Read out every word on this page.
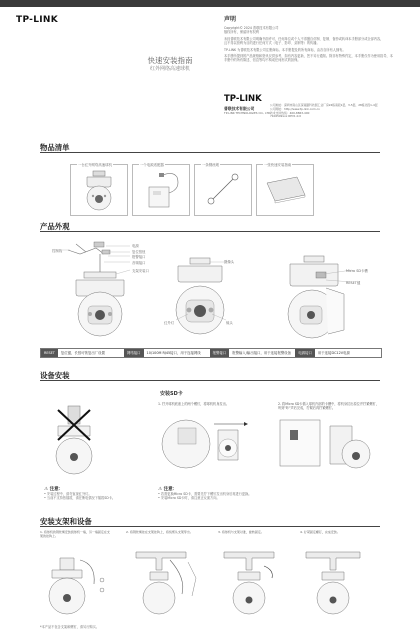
TP-LINK
快速安装指南
红外网络高速球机
声明
Copyright© 2024 普联技术有限公司
版权所有，保留所有权利
未经普联技术有限公司明确书面许可，任何单位或个人不得擅自仿制、复制、誊抄或转译本手册部分或全部内容，
且不得以营利为目的进行任何方式（电子、影印、录制等）的传播。
TP-LINK 为普联技术有限公司注册商标。本手册提及的所有商标，由各自所有人拥有。
本手册所提到的产品规格和资讯仅供参考，如有内容更新，恕不另行通知。除非有特殊约定，本手册仅作为使用指导，本
手册中的所有陈述、信息等均不构成任何形式的担保。
TP-LINK
普联技术有限公司
TP-LINK TECHNOLOGIES CO., LTD.
公司地址：深圳市南山区深南路科技园工业厂房24栋南段1层、3-5层、28栋北段1-4层
公司网址：http://www.tp-link.com.cn
技术支持热线：400-8863-400
7106509xxx REV1.0.0
物品清单
一台红外网络高速球机	一个电源适配器	一条钢丝绳	一张快速安装指南
产品外观
电源
复位按钮
报警接口
音频接口
支架安装口
控制线
摄像头
红外灯	镜头
Micro SD卡槽
RESET键
RESET	复位键，长按可恢复出厂设置	网络接口	10/100M RJ45接口，用于连接网线	报警接口	报警输入/输出接口，用于连接报警设备	电源接口	用于连接DC12V电源
设备安装
安装SD卡
1. 拧开球机底座上的两个螺钉，将球机机身拉出。	2. 将Micro SD卡插入球机内部的卡槽中，将机身拉出原位并拧紧螺钉，听到"咔"声后完成，拧紧后再拧紧螺钉。
⚠ 注意：
• 安装过程中，请勿直视红外灯。
• 当前不支持热插拔，请在断电情况下插拔SD卡。
⚠ 注意：
• 若需更换Micro SD卡，需要先拧下螺钉拉出机身后再进行更换。
• 安装Micro SD卡时，请注意正反面方向。
安装支架和设备
1. 将球机的钢丝绳安装到球机一端，另一端固定在支架的挂钩上。
2. 将钢丝绳挂在支架挂钩上，将线缆从支架穿出。	3. 将球机与支架对准，旋转固定。	4. 拧紧固定螺钉，完成安装。
*本产品不包含支架和螺钉，请另行购买。
